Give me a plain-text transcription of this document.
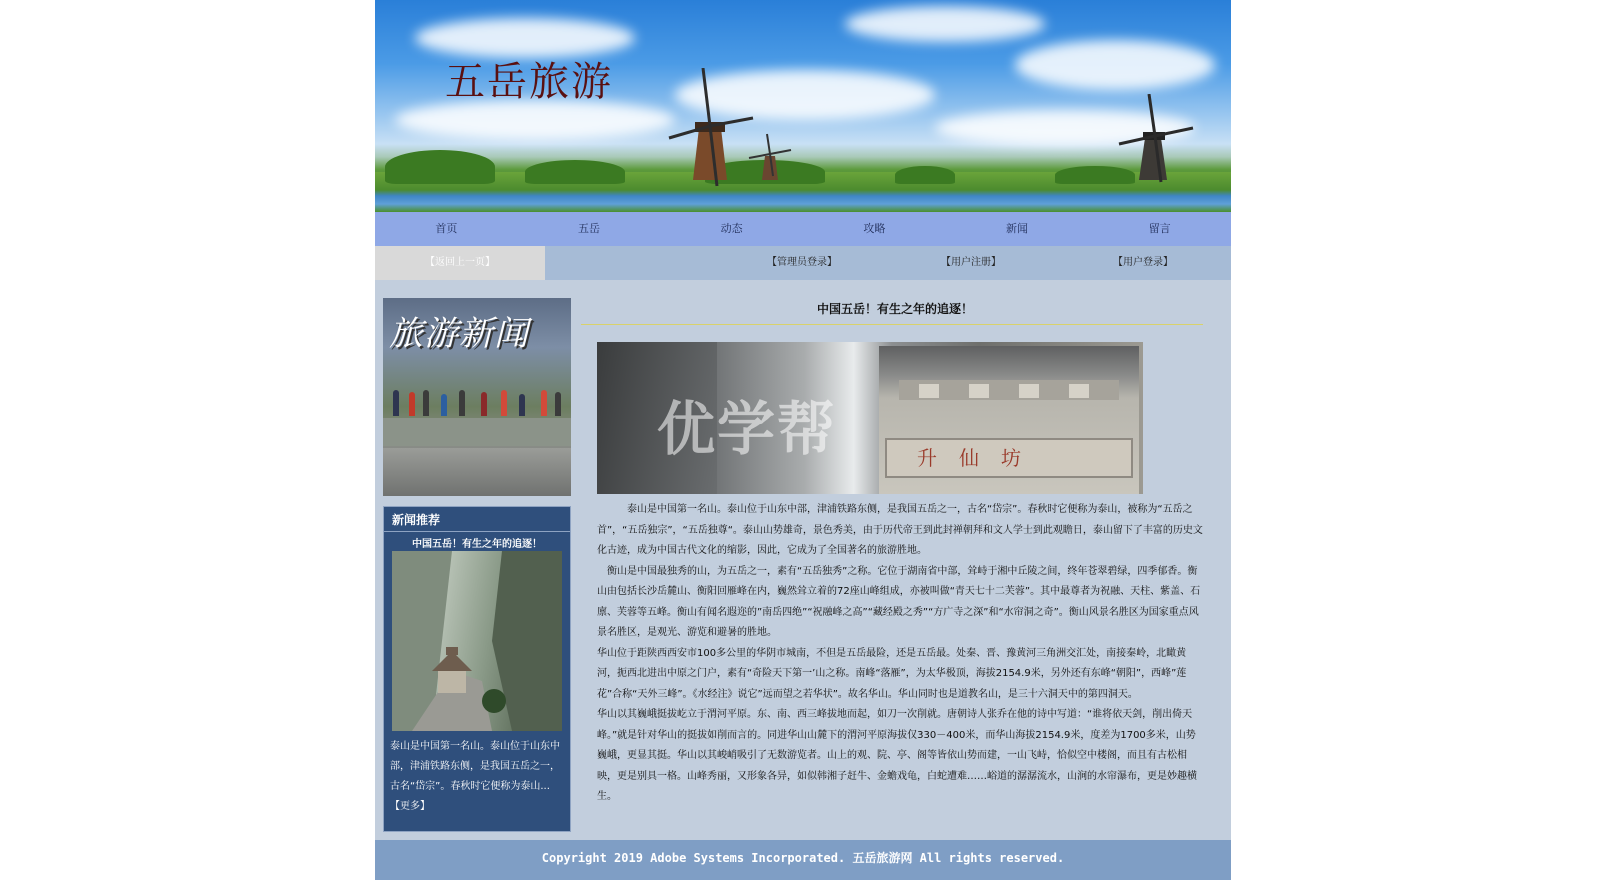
五岳旅游
首页	五岳	动态	攻略	新闻	留言
【返回上一页】	【管理员登录】	【用户注册】	【用户登录】
旅游新闻
新闻推荐
中国五岳！有生之年的追逐！
泰山是中国第一名山。泰山位于山东中部，津浦铁路东侧，是我国五岳之一，古名“岱宗”。春秋时它便称为泰山...【更多】
中国五岳！有生之年的追逐！
升仙坊
优学帮

泰山是中国第一名山。泰山位于山东中部，津浦铁路东侧，是我国五岳之一，古名“岱宗”。春秋时它便称为泰山，被称为“五岳之首”，“五岳独宗”，“五岳独尊“。泰山山势雄奇，景色秀美，由于历代帝王到此封禅朝拜和文人学士到此观瞻日，泰山留下了丰富的历史文化古迹，成为中国古代文化的缩影，因此，它成为了全国著名的旅游胜地。

衡山是中国最独秀的山，为五岳之一，素有“五岳独秀”之称。它位于湖南省中部，耸峙于湘中丘陵之间，终年苍翠碧绿，四季郁香。衡山由包括长沙岳麓山、衡阳回雁峰在内，巍然耸立着的72座山峰组成，亦被叫做“青天七十二芙蓉”。其中最尊者为祝融、天柱、紫盖、石廪、芙蓉等五峰。衡山有闻名遐迩的”南岳四绝”“祝融峰之高”“藏经殿之秀”“方广寺之深”和“水帘洞之奇”。衡山风景名胜区为国家重点风景名胜区，是观光、游览和避暑的胜地。

华山位于距陕西西安市100多公里的华阴市城南，不但是五岳最险，还是五岳最。处秦、晋、豫黄河三角洲交汇处，南接秦岭，北瞰黄河，扼西北进出中原之门户，素有“奇险天下第一’山之称。南峰“落雁”，为太华极顶，海拔2154.9米，另外还有东峰“朝阳”，西峰”莲花”合称“天外三峰”。《水经注》说它”远而望之若华状”。故名华山。华山同时也是道教名山，是三十六洞天中的第四洞天。

华山以其巍峨挺拔屹立于渭河平原。东、南、西三峰拔地而起，如刀一次削就。唐朝诗人张乔在他的诗中写道：“谁将依天剑，削出倚天峰。”就是针对华山的挺拔如削而言的。同进华山山麓下的渭河平原海拔仅330－400米，而华山海拔2154.9米，度差为1700多米，山势巍峨，更显其挺。华山以其峻峭吸引了无数游览者。山上的观、院、亭、阁等皆依山势而建，一山飞峙，恰似空中楼阁，而且有古松相映，更是别具一格。山峰秀丽，又形象各异，如似韩湘子赶牛、金蟾戏龟，白蛇遭难……峪道的潺潺流水，山涧的水帘瀑布，更是妙趣横生。

Copyright 2019 Adobe Systems Incorporated. 五岳旅游网 All rights reserved.
